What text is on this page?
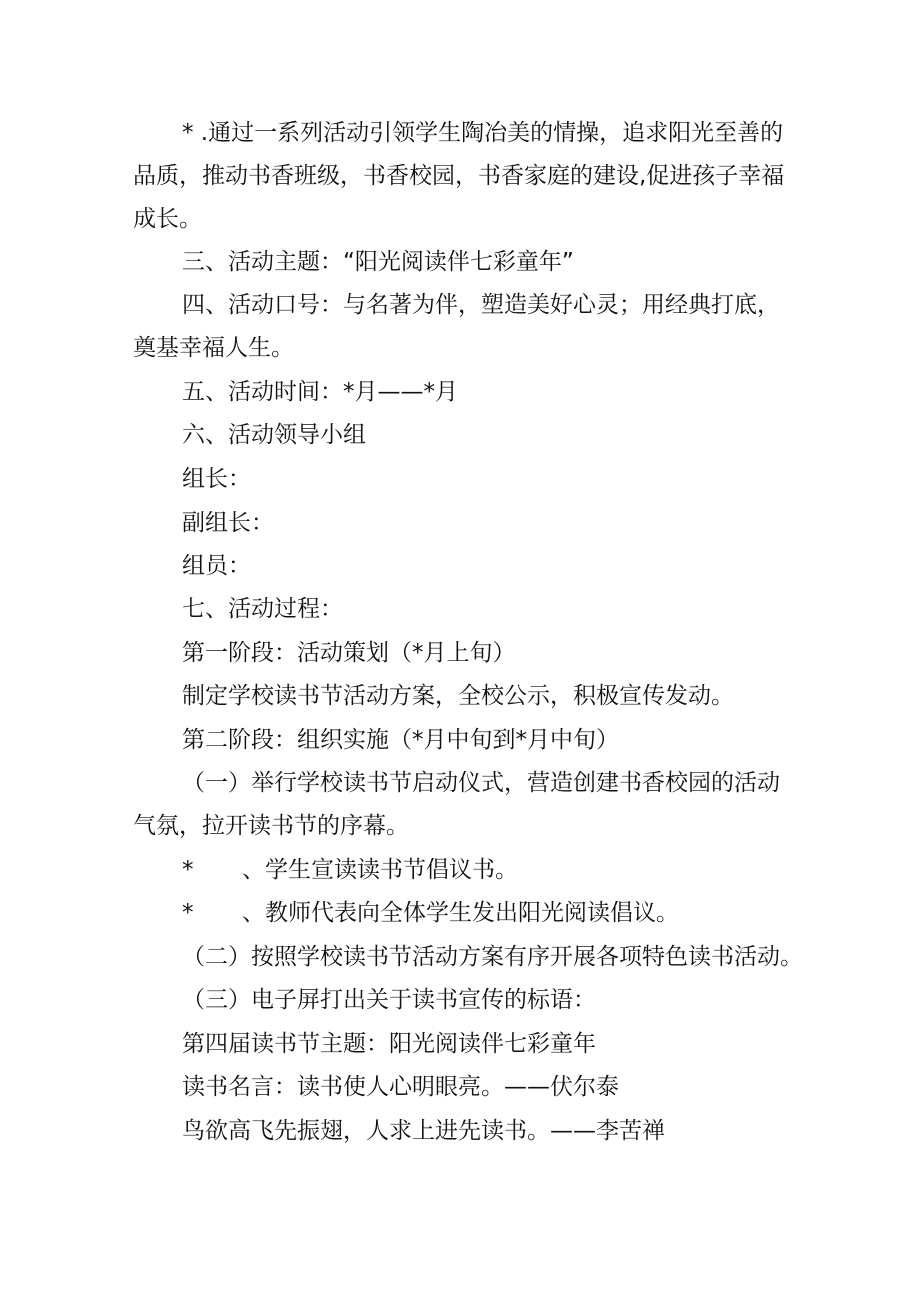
* .通过一系列活动引领学生陶冶美的情操，追求阳光至善的
品质，推动书香班级，书香校园，书香家庭的建设,促进孩子幸福
成长。
三、活动主题：“阳光阅读伴七彩童年”
四、活动口号：与名著为伴，塑造美好心灵；用经典打底，
奠基幸福人生。
五、活动时间：*月——*月
六、活动领导小组
组长：
副组长：
组员：
七、活动过程：
第一阶段：活动策划（*月上旬）
制定学校读书节活动方案，全校公示，积极宣传发动。
第二阶段：组织实施（*月中旬到*月中旬）
（一）举行学校读书节启动仪式，营造创建书香校园的活动
气氛，拉开读书节的序幕。
* 、学生宣读读书节倡议书。
* 、教师代表向全体学生发出阳光阅读倡议。
（二）按照学校读书节活动方案有序开展各项特色读书活动。
（三）电子屏打出关于读书宣传的标语：
第四届读书节主题：阳光阅读伴七彩童年
读书名言：读书使人心明眼亮。——伏尔泰
鸟欲高飞先振翅，人求上进先读书。——李苦禅
